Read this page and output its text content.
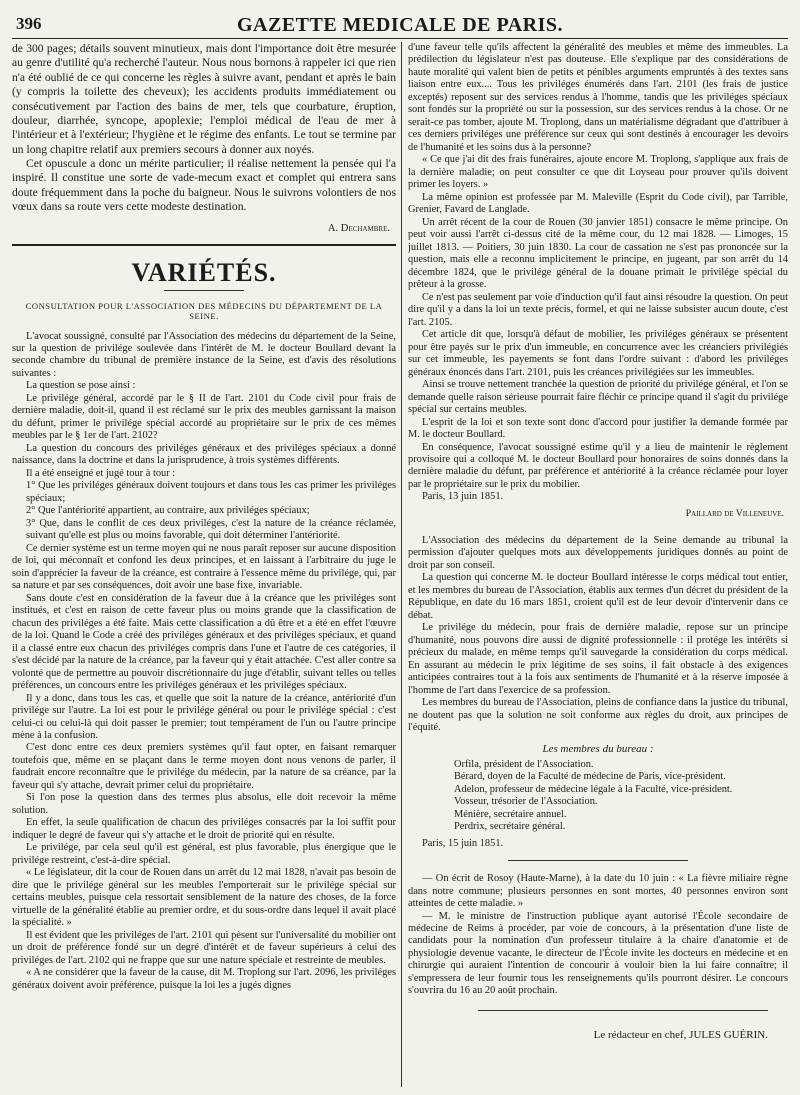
396	GAZETTE MEDICALE DE PARIS.

de 300 pages; détails souvent minutieux, mais dont l'importance doit être mesurée au genre d'utilité qu'a recherché l'auteur. Nous nous bornons à rappeler ici que rien n'a été oublié de ce qui concerne les règles à suivre avant, pendant et après le bain (y compris la toilette des cheveux); les accidents produits immédiatement ou consécutivement par l'action des bains de mer, tels que courbature, éruption, douleur, diarrhée, syncope, apoplexie; l'emploi médical de l'eau de mer à l'intérieur et à l'extérieur; l'hygiène et le régime des enfants. Le tout se termine par un long chapitre relatif aux premiers secours à donner aux noyés.

Cet opuscule a donc un mérite particulier; il réalise nettement la pensée qui l'a inspiré. Il constitue une sorte de vade-mecum exact et complet qui entrera sans doute fréquemment dans la poche du baigneur. Nous le suivrons volontiers de nos vœux dans sa route vers cette modeste destination.

A. Dechambre.
VARIÉTÉS.
CONSULTATION POUR L'ASSOCIATION DES MÉDECINS DU DÉPARTEMENT DE LA SEINE.

L'avocat soussigné, consulté par l'Association des médecins du département de la Seine, sur la question de privilége soulevée dans l'intérêt de M. le docteur Boullard devant la seconde chambre du tribunal de première instance de la Seine, est d'avis des résolutions suivantes :

La question se pose ainsi :

Le privilége général, accordé par le § II de l'art. 2101 du Code civil pour frais de dernière maladie, doit-il, quand il est réclamé sur le prix des meubles garnissant la maison du défunt, primer le privilége spécial accordé au propriétaire sur le prix de ces mêmes meubles par le § 1er de l'art. 2102?

La question du concours des priviléges généraux et des priviléges spéciaux a donné naissance, dans la doctrine et dans la jurisprudence, à trois systèmes différents.

Il a été enseigné et jugé tour à tour :

1° Que les priviléges généraux doivent toujours et dans tous les cas primer les priviléges spéciaux;

2° Que l'antériorité appartient, au contraire, aux priviléges spéciaux;

3° Que, dans le conflit de ces deux priviléges, c'est la nature de la créance réclamée, suivant qu'elle est plus ou moins favorable, qui doit déterminer l'antériorité.

Ce dernier système est un terme moyen qui ne nous paraît reposer sur aucune disposition de loi, qui méconnaît et confond les deux principes, et en laissant à l'arbitraire du juge le soin d'apprécier la faveur de la créance, est contraire à l'essence même du privilége, qui, par sa nature et par ses conséquences, doit avoir une base fixe, invariable.

Sans doute c'est en considération de la faveur due à la créance que les priviléges sont institués, et c'est en raison de cette faveur plus ou moins grande que la classification de chacun des priviléges a été faite. Mais cette classification a dû être et a été en effet l'œuvre de la loi. Quand le Code a créé des priviléges généraux et des priviléges spéciaux, et quand il a classé entre eux chacun des priviléges compris dans l'une et l'autre de ces catégories, il s'est décidé par la nature de la créance, par la faveur qui y était attachée. C'est aller contre sa volonté que de permettre au pouvoir discrétionnaire du juge d'établir, suivant telles ou telles préférences, un concours entre les priviléges généraux et les priviléges spéciaux.

Il y a donc, dans tous les cas, et quelle que soit la nature de la créance, antériorité d'un privilége sur l'autre. La loi est pour le privilége général ou pour le privilége spécial : c'est celui-ci ou celui-là qui doit passer le premier; tout tempérament de l'un ou l'autre principe mène à la confusion.

C'est donc entre ces deux premiers systèmes qu'il faut opter, en faisant remarquer toutefois que, même en se plaçant dans le terme moyen dont nous venons de parler, il faudrait encore reconnaître que le privilége du médecin, par la nature de sa créance, par la faveur qui s'y attache, devrait primer celui du propriétaire.

Si l'on pose la question dans des termes plus absolus, elle doit recevoir la même solution.

En effet, la seule qualification de chacun des priviléges consacrés par la loi suffit pour indiquer le degré de faveur qui s'y attache et le droit de priorité qui en résulte.

Le privilége, par cela seul qu'il est général, est plus favorable, plus énergique que le privilége restreint, c'est-à-dire spécial.

« Le législateur, dit la cour de Rouen dans un arrêt du 12 mai 1828, n'avait pas besoin de dire que le privilége général sur les meubles l'emporterait sur le privilége spécial sur certains meubles, puisque cela ressortait sensiblement de la nature des choses, de la force virtuelle de la généralité établie au premier ordre, et du sous-ordre dans lequel il avait placé la spécialité. »

Il est évident que les priviléges de l'art. 2101 qui pèsent sur l'universalité du mobilier ont un droit de préférence fondé sur un degré d'intérêt et de faveur supérieurs à celui des priviléges de l'art. 2102 qui ne frappe que sur une nature spéciale et restreinte de meubles.

« A ne considérer que la faveur de la cause, dit M. Troplong sur l'art. 2096, les priviléges généraux doivent avoir préférence, puisque la loi les a jugés dignes

d'une faveur telle qu'ils affectent la généralité des meubles et même des immeubles. La prédilection du législateur n'est pas douteuse. Elle s'explique par des considérations de haute moralité qui valent bien de petits et pénibles arguments empruntés à des textes sans liaison entre eux.... Tous les priviléges énumérés dans l'art. 2101 (les frais de justice exceptés) reposent sur des services rendus à l'homme, tandis que les priviléges spéciaux sont fondés sur la propriété ou sur la possession, sur des services rendus à la chose. Or ne serait-ce pas tomber, ajoute M. Troplong, dans un matérialisme dégradant que d'attribuer à ces derniers priviléges une préférence sur ceux qui sont destinés à encourager les devoirs de l'humanité et les soins dus à la personne?

« Ce que j'ai dit des frais funéraires, ajoute encore M. Troplong, s'applique aux frais de la dernière maladie; on peut consulter ce que dit Loyseau pour prouver qu'ils doivent primer les loyers. »

La même opinion est professée par M. Maleville (Esprit du Code civil), par Tarrible, Grenier, Favard de Langlade.

Un arrêt récent de la cour de Rouen (30 janvier 1851) consacre le même principe. On peut voir aussi l'arrêt ci-dessus cité de la même cour, du 12 mai 1828. — Limoges, 15 juillet 1813. — Poitiers, 30 juin 1830. La cour de cassation ne s'est pas prononcée sur la question, mais elle a reconnu implicitement le principe, en jugeant, par son arrêt du 14 décembre 1824, que le privilége général de la douane primait le privilége spécial du prêteur à la grosse.

Ce n'est pas seulement par voie d'induction qu'il faut ainsi résoudre la question. On peut dire qu'il y a dans la loi un texte précis, formel, et qui ne laisse subsister aucun doute, c'est l'art. 2105.

Cet article dit que, lorsqu'à défaut de mobilier, les priviléges généraux se présentent pour être payés sur le prix d'un immeuble, en concurrence avec les créanciers privilégiés sur cet immeuble, les payements se font dans l'ordre suivant : d'abord les priviléges généraux énoncés dans l'art. 2101, puis les créances privilégiées sur les immeubles.

Ainsi se trouve nettement tranchée la question de priorité du privilége général, et l'on se demande quelle raison sérieuse pourrait faire fléchir ce principe quand il s'agit du privilége spécial sur certains meubles.

L'esprit de la loi et son texte sont donc d'accord pour justifier la demande formée par M. le docteur Boullard.

En conséquence, l'avocat soussigné estime qu'il y a lieu de maintenir le règlement provisoire qui a colloqué M. le docteur Boullard pour honoraires de soins donnés dans la dernière maladie du défunt, par préférence et antériorité à la créance réclamée pour loyer par le propriétaire sur le prix du mobilier.

Paris, 13 juin 1851.

Paillard de Villeneuve.

L'Association des médecins du département de la Seine demande au tribunal la permission d'ajouter quelques mots aux développements juridiques donnés au point de droit par son conseil.

La question qui concerne M. le docteur Boullard intéresse le corps médical tout entier, et les membres du bureau de l'Association, établis aux termes d'un décret du président de la République, en date du 16 mars 1851, croient qu'il est de leur devoir d'intervenir dans ce débat.

Le privilége du médecin, pour frais de dernière maladie, repose sur un principe d'humanité, nous pouvons dire aussi de dignité professionnelle : il protége les intérêts si précieux du malade, en même temps qu'il sauvegarde la considération du corps médical. En assurant au médecin le prix légitime de ses soins, il fait obstacle à des exigences anticipées contraires tout à la fois aux sentiments de l'humanité et à la réserve imposée à l'homme de l'art dans l'exercice de sa profession.

Les membres du bureau de l'Association, pleins de confiance dans la justice du tribunal, ne doutent pas que la solution ne soit conforme aux règles du droit, aux principes de l'équité.

Les membres du bureau :

Orfila, président de l'Association.

Bérard, doyen de la Faculté de médecine de Paris, vice-président.

Adelon, professeur de médecine légale à la Faculté, vice-président.

Vosseur, trésorier de l'Association.

Ménière, secrétaire annuel.

Perdrix, secrétaire général.

Paris, 15 juin 1851.

— On écrit de Rosoy (Haute-Marne), à la date du 10 juin : « La fièvre miliaire règne dans notre commune; plusieurs personnes en sont mortes, 40 personnes environ sont atteintes de cette maladie. »

— M. le ministre de l'instruction publique ayant autorisé l'École secondaire de médecine de Reims à procéder, par voie de concours, à la présentation d'une liste de candidats pour la nomination d'un professeur titulaire à la chaire d'anatomie et de physiologie devenue vacante, le directeur de l'École invite les docteurs en médecine et en chirurgie qui auraient l'intention de concourir à vouloir bien la lui faire connaître; il s'empressera de leur fournir tous les renseignements qu'ils pourront désirer. Le concours s'ouvrira du 16 au 20 août prochain.

Le rédacteur en chef, JULES GUÉRIN.
